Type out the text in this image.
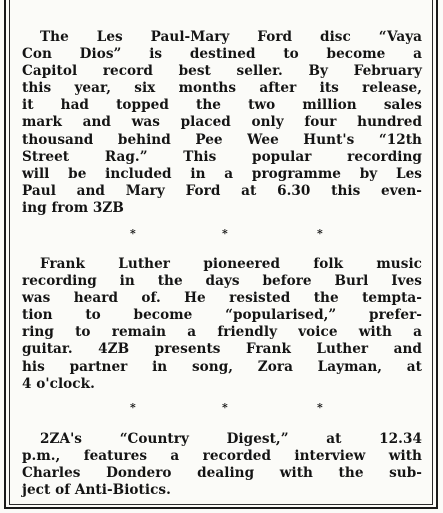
The Les Paul-Mary Ford disc “Vaya
Con Dios” is destined to become a
Capitol record best seller. By February
this year, six months after its release,
it had topped the two million sales
mark and was placed only four hundred
thousand behind Pee Wee Hunt's “12th
Street Rag.” This popular recording
will be included in a programme by Les
Paul and Mary Ford at 6.30 this even-
ing from 3ZB

*	*	*

Frank Luther pioneered folk music
recording in the days before Burl Ives
was heard of. He resisted the tempta-
tion to become “popularised,” prefer-
ring to remain a friendly voice with a
guitar. 4ZB presents Frank Luther and
his partner in song, Zora Layman, at
4 o'clock.

*	*	*

2ZA's “Country Digest,” at 12.34
p.m., features a recorded interview with
Charles Dondero dealing with the sub-
ject of Anti-Biotics.
